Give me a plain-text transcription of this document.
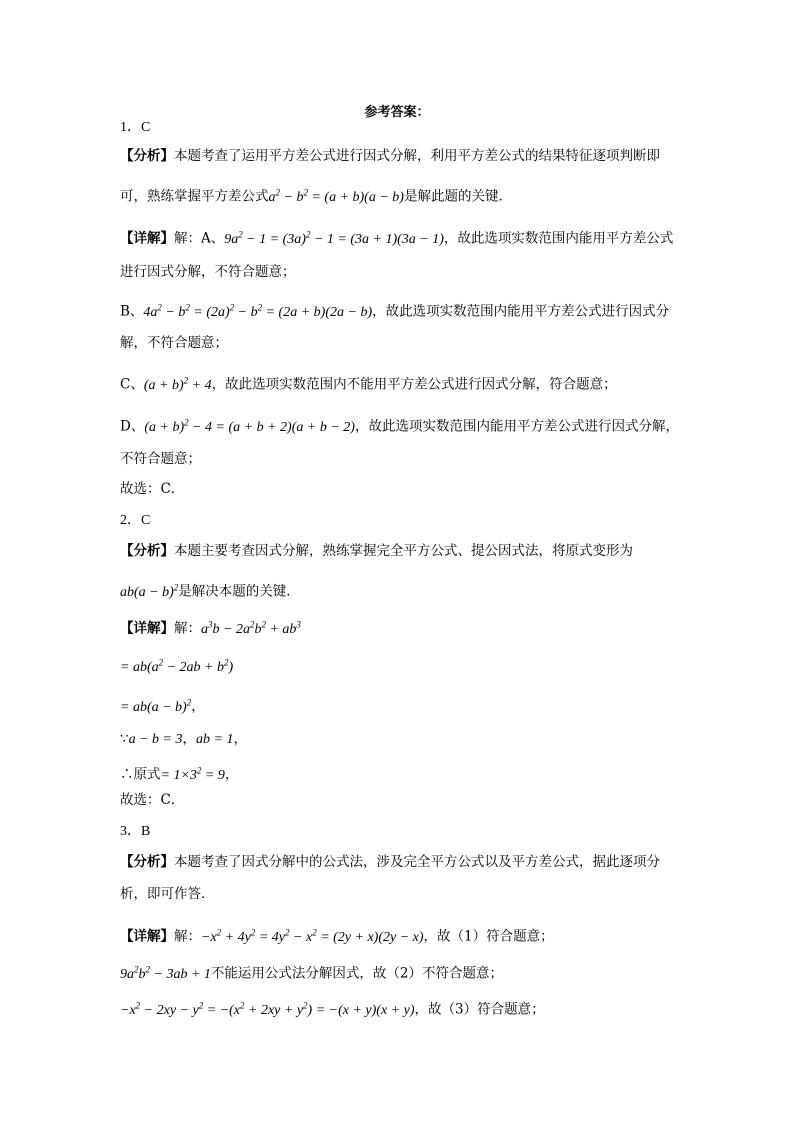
参考答案：
1．C
【分析】本题考查了运用平方差公式进行因式分解，利用平方差公式的结果特征逐项判断即
可，熟练掌握平方差公式$a^2 - b^2 = (a + b)(a - b)$是解此题的关键．
【详解】解：A、$9a^2 - 1 = (3a)^2 - 1 = (3a + 1)(3a - 1)$，故此选项实数范围内能用平方差公式
进行因式分解，不符合题意；
B、$4a^2 - b^2 = (2a)^2 - b^2 = (2a + b)(2a - b)$，故此选项实数范围内能用平方差公式进行因式分
解，不符合题意；
C、$(a + b)^2 + 4$，故此选项实数范围内不能用平方差公式进行因式分解，符合题意；
D、$(a + b)^2 - 4 = (a + b + 2)(a + b - 2)$，故此选项实数范围内能用平方差公式进行因式分解，
不符合题意；
故选：C．
2．C
【分析】本题主要考查因式分解，熟练掌握完全平方公式、提公因式法，将原式变形为
$ab(a - b)^2$是解决本题的关键．
【详解】解：$a^3b - 2a^2b^2 + ab^3$
= $ab(a^2 - 2ab + b^2)$
= $ab(a - b)^2$，
∵a − b = 3，ab = 1，
∴原式= $1\times 3^2 = 9$，
故选：C．
3．B
【分析】本题考查了因式分解中的公式法，涉及完全平方公式以及平方差公式，据此逐项分
析，即可作答．
【详解】解：$-x^2 + 4y^2 = 4y^2 - x^2 = (2y + x)(2y - x)$，故（1）符合题意；
$9a^2b^2 - 3ab + 1$不能运用公式法分解因式，故（2）不符合题意；
$-x^2 - 2xy - y^2 = -(x^2 + 2xy + y^2) = -(x + y)(x + y)$，故（3）符合题意；
